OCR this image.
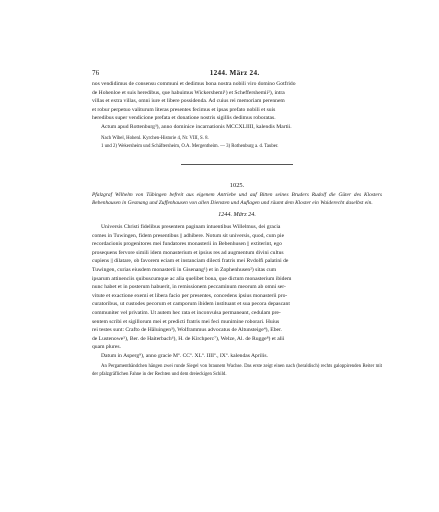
76	1244. März 24.

nos vendidimus de consensu communi et dedimus bona nostra nobili viro domino Gotfrido

de Hohenloe et suis heredibus, que habuimus Wickershemi¹) et Scheffershemii²), intra

villas et extra villas, omni iure et libere possidenda. Ad cuius rei memoriam perennem

et robur perpetuo valiturum literas presentes fecimus et ipsas prefato nobili et suis

heredibus super vendicione prefata et donatione nostris sigillis dedimus roboratas.

Actum apud Rottenburg³), anno dominice incarnationis MCCXLIIII, kalendis Martii.

Nach Wibel, Hohenl. Kyrchen-Historie 4, Nr. VIII, S. 8.

1 und 2) Wekersheim und Schäftersheim, O.A. Mergentheim. — 3) Rothenburg a. d. Tauber.

1025.

Pfalzgraf Wilhelm von Tübingen befreit aus eigenem Antriebe und auf Bitten seines Bruders Rudolf die Güter des Klosters Bebenhausen in Gesmang und Zuffenhausen von allen Diensten und Auflagen und räumt dem Kloster ein Waiderecht daselbst ein.

1244. März 24.

Universis Christi fidelibus presentem paginam intuentibus Willelmus, dei gracia

comes in Tuwingen, fidem presentibus || adhibere. Notum sit universis, quod, cum pie

recordacionis progenitores mei fundatores monasterii in Bebenhusen || extiterint, ego

prosequens fervore simili idem monasterium et ipsius res ad augmentum divini cultus

cupiens || dilatare, ob favorem eciam et instanciam dilecti fratris mei Rvdolfi palatini de

Tuwingen, curias eiusdem monasterii in Gisenang¹) et in Zophenhusen²) sitas cum

ipsarum attinenciis quibuscumque ac alia quelibet bona, que dictum monasterium ibidem

nunc habet et in posterum habuerit, in remissionem peccaminum meorum ab omni ser-

vitute et exactione exemi et libera facio per presentes, concedens ipsius monasterii pro-

curatoribus, ut custodes pecorum et camporum ibidem instituant et sua pecora depascant

communiter vel privatim. Ut autem hec rata et inconvulsa permaneant, cedulam pre-

sentem scribi et sigillorum mei et predicti fratris mei feci munimine roborari. Huius

rei testes sunt: Crafto de Hâluingen³), Wolframmus advocatus de Altunsteige⁴), Eber.

de Lustenowe⁵), Ber. de Haiterbach⁶), H. de Kirchperc⁷), Welze, Al. de Rugge⁸) et alii

quam plures.

Datum in Asperg⁹), anno gracie Mº. CCº. XLº. IIIIº., IXº. kalendas Aprilis.

An Pergamentbändchen hängen zwei runde Siegel von braunem Wachse. Das erste zeigt einen nach (heraldisch) rechts galoppirenden Reiter mit der pfalzgräflichen Fahne in der Rechten und dem dreieckigen Schild.
